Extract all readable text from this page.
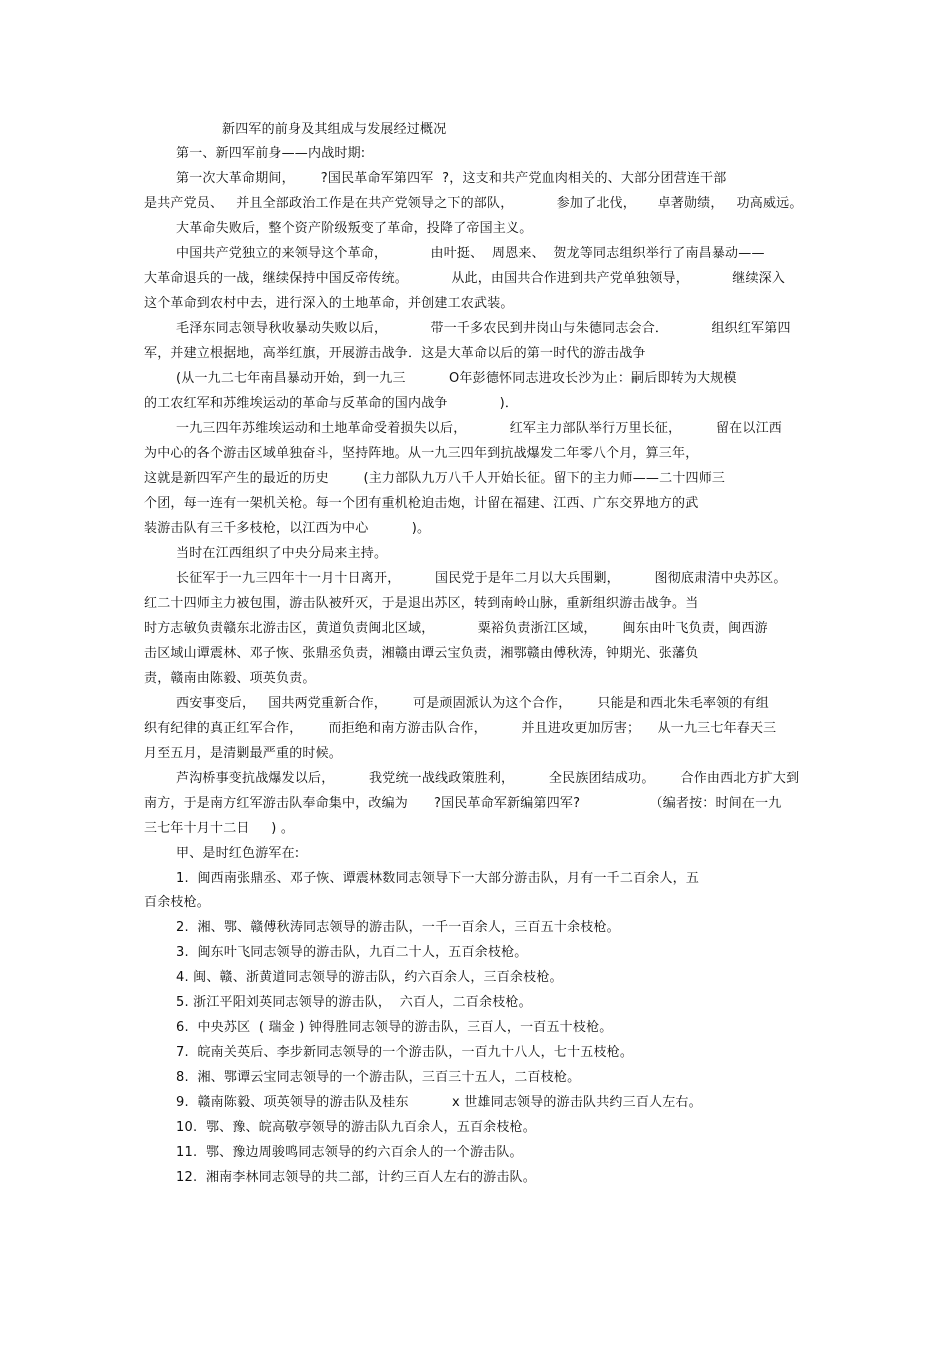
新四军的前身及其组成与发展经过概况
第一、新四军前身——内战时期:
第一次大革命期间，      ?国民革命军第四军  ?，这支和共产党血肉相关的、大部分团营连干部
是共产党员、   并且全部政治工作是在共产党领导之下的部队，          参加了北伐，     卓著勋绩，   功高威远。
大革命失败后，整个资产阶级叛变了革命，投降了帝国主义。
中国共产党独立的来领导这个革命，          由叶挺、  周恩来、  贺龙等同志组织举行了南昌暴动——
大革命退兵的一战，继续保持中国反帝传统。          从此，由国共合作进到共产党单独领导，          继续深入
这个革命到农村中去，进行深入的土地革命，并创建工农武装。
毛泽东同志领导秋收暴动失败以后，          带一千多农民到井岗山与朱德同志会合．          组织红军第四
军，并建立根据地，高举红旗，开展游击战争．这是大革命以后的第一时代的游击战争
(从一九二七年南昌暴动开始，到一九三          O年彭德怀同志进攻长沙为止：嗣后即转为大规模
的工农红军和苏维埃运动的革命与反革命的国内战争            )．
一九三四年苏维埃运动和土地革命受着损失以后，          红军主力部队举行万里长征，        留在以江西
为中心的各个游击区域单独奋斗，坚持阵地。从一九三四年到抗战爆发二年零八个月，算三年，
这就是新四军产生的最近的历史        (主力部队九万八千人开始长征。留下的主力师——二十四师三
个团，每一连有一架机关枪。每一个团有重机枪迫击炮，计留在福建、江西、广东交界地方的武
装游击队有三千多枝枪，以江西为中心          )。
当时在江西组织了中央分局来主持。
长征军于一九三四年十一月十日离开，        国民党于是年二月以大兵围剿，        图彻底肃清中央苏区。
红二十四师主力被包围，游击队被歼灭，于是退出苏区，转到南岭山脉，重新组织游击战争。当
时方志敏负责赣东北游击区，黄道负责闽北区域，          粟裕负责浙江区域，      闽东由叶飞负责，闽西游
击区域山谭震林、邓子恢、张鼎丞负责，湘赣由谭云宝负责，湘鄂赣由傅秋涛，钟期光、张藩负
责，赣南由陈毅、项英负责。
西安事变后，   国共两党重新合作，      可是顽固派认为这个合作，      只能是和西北朱毛率领的有组
织有纪律的真正红军合作，      而拒绝和南方游击队合作，        并且进攻更加厉害；    从一九三七年春天三
月至五月，是清剿最严重的时候。
芦沟桥事变抗战爆发以后，        我党统一战线政策胜利，        全民族团结成功。      合作由西北方扩大到
南方，于是南方红军游击队奉命集中，改编为      ?国民革命军新编第四军?                （编者按：时间在一九
三七年十月十二日     ) 。
甲、是时红色游军在:
1.  闽西南张鼎丞、邓子恢、谭震林数同志领导下一大部分游击队，月有一千二百余人，五
百余枝枪。
2.  湘、鄂、赣傅秋涛同志领导的游击队，一千一百余人，三百五十余枝枪。
3.  闽东叶飞同志领导的游击队，九百二十人，五百余枝枪。
4. 闽、赣、浙黄道同志领导的游击队，约六百余人，三百余枝枪。
5. 浙江平阳刘英同志领导的游击队，  六百人，二百余枝枪。
6.  中央苏区  ( 瑞金 ) 钟得胜同志领导的游击队，三百人，一百五十枝枪。
7.  皖南关英后、李步新同志领导的一个游击队，一百九十八人，七十五枝枪。
8.  湘、鄂谭云宝同志领导的一个游击队，三百三十五人，二百枝枪。
9.  赣南陈毅、项英领导的游击队及桂东          x 世雄同志领导的游击队共约三百人左右。
10.  鄂、豫、皖高敬亭领导的游击队九百余人，五百余枝枪。
11.  鄂、豫边周骏鸣同志领导的约六百余人的一个游击队。
12.  湘南李林同志领导的共二部，计约三百人左右的游击队。
